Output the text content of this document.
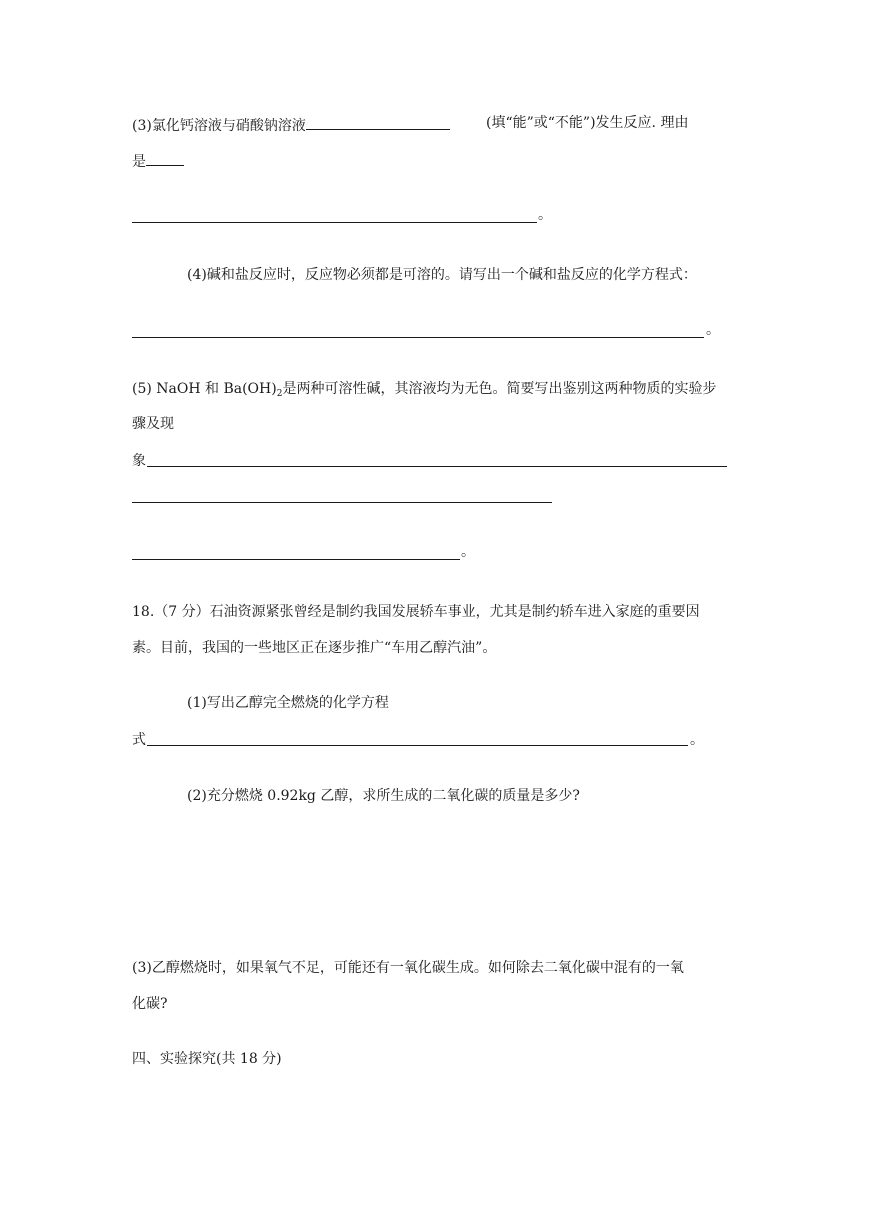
(3)氯化钙溶液与硝酸钠溶液	(填“能”或“不能”)发生反应. 理由
是
。
(4)碱和盐反应时，反应物必须都是可溶的。请写出一个碱和盐反应的化学方程式：
。
(5) NaOH 和 $Ba(OH)_2$是两种可溶性碱，其溶液均为无色。简要写出鉴别这两种物质的实验步
骤及现
象
。
18.（7 分）石油资源紧张曾经是制约我国发展轿车事业，尤其是制约轿车进入家庭的重要因
素。目前，我国的一些地区正在逐步推广“车用乙醇汽油”。
(1)写出乙醇完全燃烧的化学方程
式	。
(2)充分燃烧 0.92kg 乙醇，求所生成的二氧化碳的质量是多少?
(3)乙醇燃烧时，如果氧气不足，可能还有一氧化碳生成。如何除去二氧化碳中混有的一氧
化碳?
四、实验探究(共 18 分)
